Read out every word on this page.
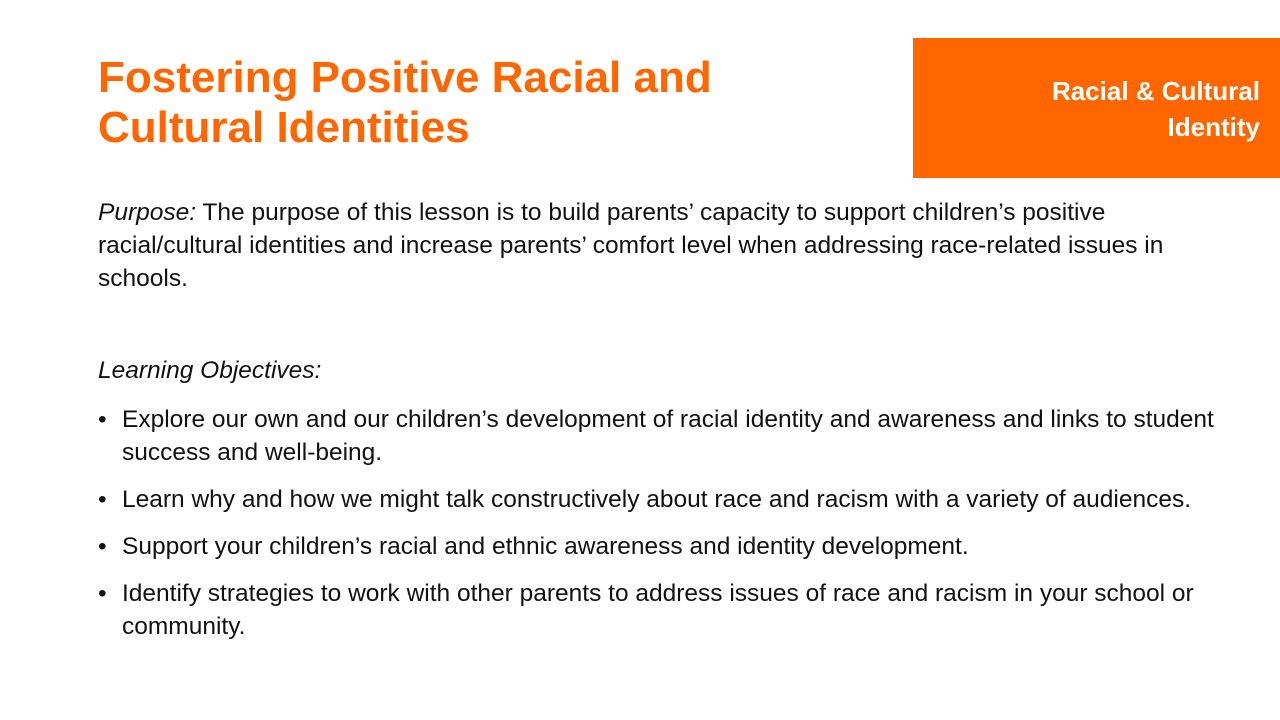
Fostering Positive Racial and
Cultural Identities
Racial & Cultural
Identity

Purpose: The purpose of this lesson is to build parents’ capacity to support children’s positive racial/cultural identities and increase parents’ comfort level when addressing race-related issues in schools.

Learning Objectives:

• Explore our own and our children’s development of racial identity and awareness and links to student success and well-being.
• Learn why and how we might talk constructively about race and racism with a variety of audiences.
• Support your children’s racial and ethnic awareness and identity development.
• Identify strategies to work with other parents to address issues of race and racism in your school or community.
